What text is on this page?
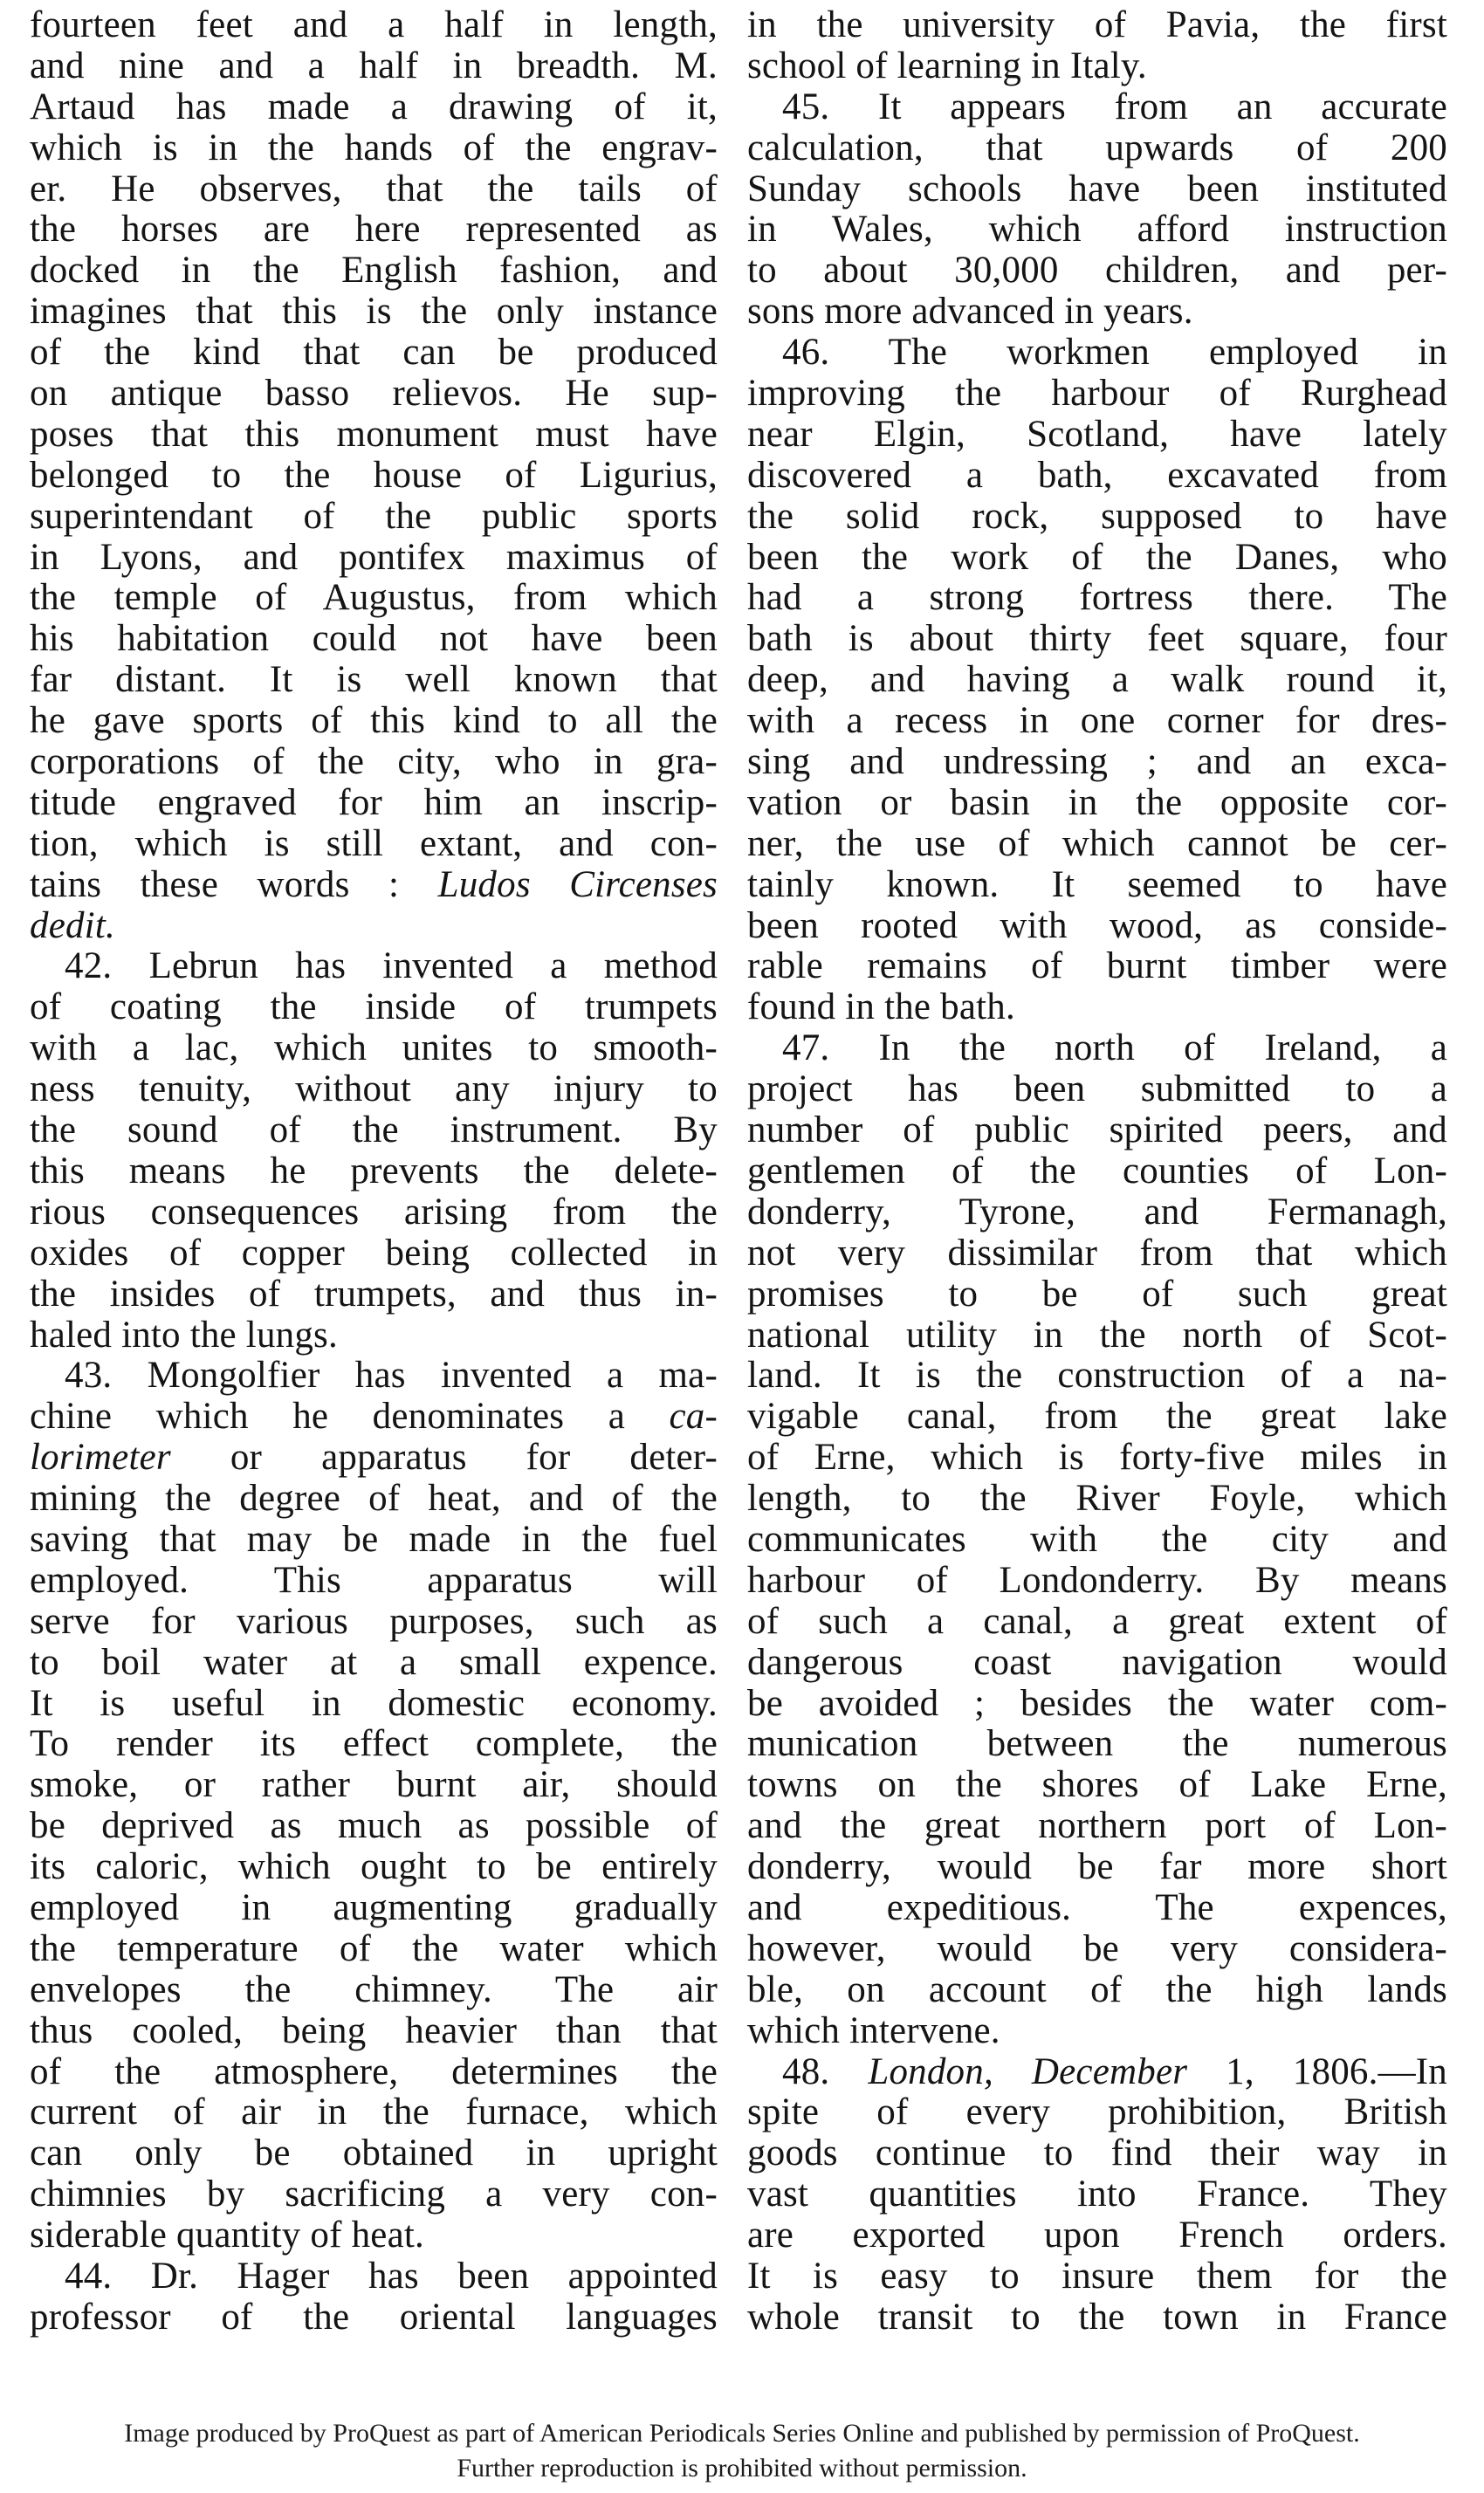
fourteen feet and a half in length,
and nine and a half in breadth. M.
Artaud has made a drawing of it,
which is in the hands of the engrav-
er. He observes, that the tails of
the horses are here represented as
docked in the English fashion, and
imagines that this is the only instance
of the kind that can be produced
on antique basso relievos. He sup-
poses that this monument must have
belonged to the house of Ligurius,
superintendant of the public sports
in Lyons, and pontifex maximus of
the temple of Augustus, from which
his habitation could not have been
far distant. It is well known that
he gave sports of this kind to all the
corporations of the city, who in gra-
titude engraved for him an inscrip-
tion, which is still extant, and con-
tains these words : Ludos Circenses
dedit.
42. Lebrun has invented a method
of coating the inside of trumpets
with a lac, which unites to smooth-
ness tenuity, without any injury to
the sound of the instrument. By
this means he prevents the delete-
rious consequences arising from the
oxides of copper being collected in
the insides of trumpets, and thus in-
haled into the lungs.
43. Mongolfier has invented a ma-
chine which he denominates a ca-
lorimeter or apparatus for deter-
mining the degree of heat, and of the
saving that may be made in the fuel
employed. This apparatus will
serve for various purposes, such as
to boil water at a small expence.
It is useful in domestic economy.
To render its effect complete, the
smoke, or rather burnt air, should
be deprived as much as possible of
its caloric, which ought to be entirely
employed in augmenting gradually
the temperature of the water which
envelopes the chimney. The air
thus cooled, being heavier than that
of the atmosphere, determines the
current of air in the furnace, which
can only be obtained in upright
chimnies by sacrificing a very con-
siderable quantity of heat.
44. Dr. Hager has been appointed
professor of the oriental languages
in the university of Pavia, the first
school of learning in Italy.
45. It appears from an accurate
calculation, that upwards of 200
Sunday schools have been instituted
in Wales, which afford instruction
to about 30,000 children, and per-
sons more advanced in years.
46. The workmen employed in
improving the harbour of Rurghead
near Elgin, Scotland, have lately
discovered a bath, excavated from
the solid rock, supposed to have
been the work of the Danes, who
had a strong fortress there. The
bath is about thirty feet square, four
deep, and having a walk round it,
with a recess in one corner for dres-
sing and undressing ; and an exca-
vation or basin in the opposite cor-
ner, the use of which cannot be cer-
tainly known. It seemed to have
been rooted with wood, as conside-
rable remains of burnt timber were
found in the bath.
47. In the north of Ireland, a
project has been submitted to a
number of public spirited peers, and
gentlemen of the counties of Lon-
donderry, Tyrone, and Fermanagh,
not very dissimilar from that which
promises to be of such great
national utility in the north of Scot-
land. It is the construction of a na-
vigable canal, from the great lake
of Erne, which is forty-five miles in
length, to the River Foyle, which
communicates with the city and
harbour of Londonderry. By means
of such a canal, a great extent of
dangerous coast navigation would
be avoided ; besides the water com-
munication between the numerous
towns on the shores of Lake Erne,
and the great northern port of Lon-
donderry, would be far more short
and expeditious. The expences,
however, would be very considera-
ble, on account of the high lands
which intervene.
48. London, December 1, 1806.—In
spite of every prohibition, British
goods continue to find their way in
vast quantities into France. They
are exported upon French orders.
It is easy to insure them for the
whole transit to the town in France
Image produced by ProQuest as part of American Periodicals Series Online and published by permission of ProQuest.
Further reproduction is prohibited without permission.
